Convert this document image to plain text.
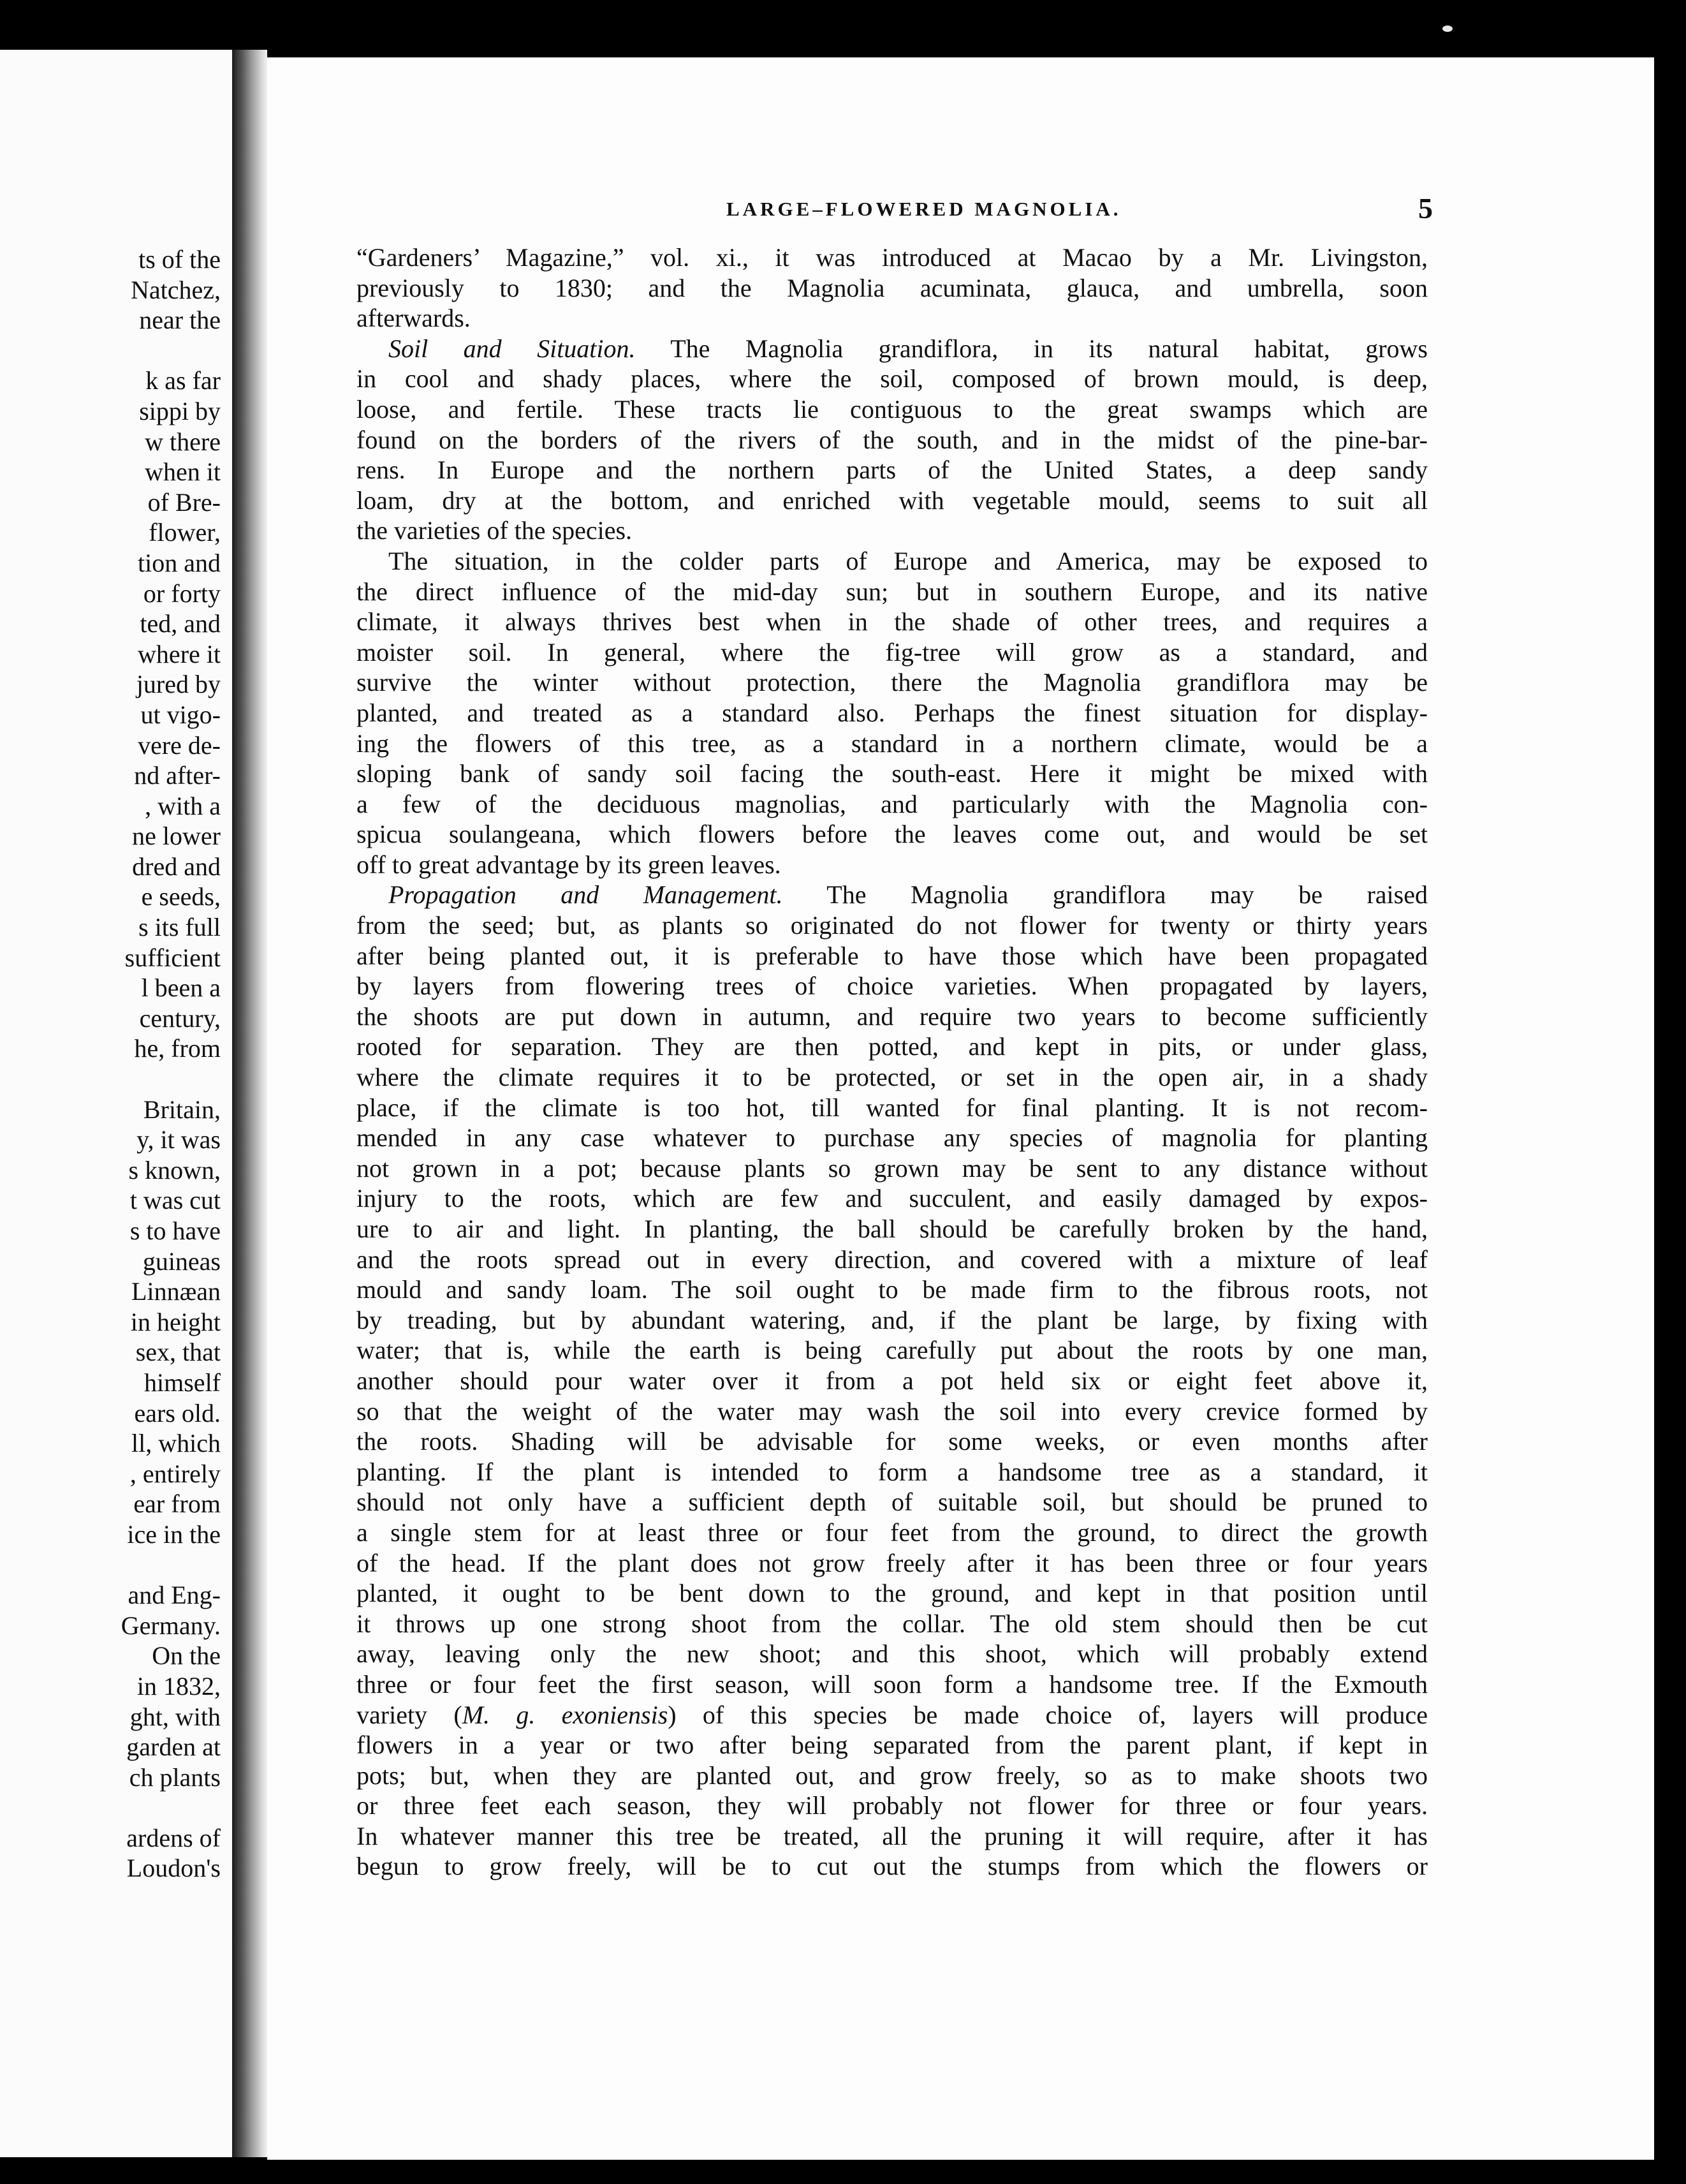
ts of the
Natchez,
near the

k as far
sippi by
w there
when it
of Bre-
flower,
tion and
or forty
ted, and
where it
jured by
ut vigo-
vere de-
nd after-
, with a
ne lower
dred and
e seeds,
s its full
sufficient
l been a
century,
he, from

Britain,
y, it was
s known,
t was cut
s to have
guineas
Linnæan
in height
sex, that
himself
ears old.
ll, which
, entirely
ear from
ice in the

and Eng-
Germany.
On the
in 1832,
ght, with
garden at
ch plants

ardens of
Loudon's
LARGE–FLOWERED MAGNOLIA.	5
“Gardeners’ Magazine,” vol. xi., it was introduced at Macao by a Mr. Livingston,
previously to 1830; and the Magnolia acuminata, glauca, and umbrella, soon
afterwards.
Soil and Situation. The Magnolia grandiflora, in its natural habitat, grows
in cool and shady places, where the soil, composed of brown mould, is deep,
loose, and fertile. These tracts lie contiguous to the great swamps which are
found on the borders of the rivers of the south, and in the midst of the pine-bar-
rens. In Europe and the northern parts of the United States, a deep sandy
loam, dry at the bottom, and enriched with vegetable mould, seems to suit all
the varieties of the species.
The situation, in the colder parts of Europe and America, may be exposed to
the direct influence of the mid-day sun; but in southern Europe, and its native
climate, it always thrives best when in the shade of other trees, and requires a
moister soil. In general, where the fig-tree will grow as a standard, and
survive the winter without protection, there the Magnolia grandiflora may be
planted, and treated as a standard also. Perhaps the finest situation for display-
ing the flowers of this tree, as a standard in a northern climate, would be a
sloping bank of sandy soil facing the south-east. Here it might be mixed with
a few of the deciduous magnolias, and particularly with the Magnolia con-
spicua soulangeana, which flowers before the leaves come out, and would be set
off to great advantage by its green leaves.
Propagation and Management. The Magnolia grandiflora may be raised
from the seed; but, as plants so originated do not flower for twenty or thirty years
after being planted out, it is preferable to have those which have been propagated
by layers from flowering trees of choice varieties. When propagated by layers,
the shoots are put down in autumn, and require two years to become sufficiently
rooted for separation. They are then potted, and kept in pits, or under glass,
where the climate requires it to be protected, or set in the open air, in a shady
place, if the climate is too hot, till wanted for final planting. It is not recom-
mended in any case whatever to purchase any species of magnolia for planting
not grown in a pot; because plants so grown may be sent to any distance without
injury to the roots, which are few and succulent, and easily damaged by expos-
ure to air and light. In planting, the ball should be carefully broken by the hand,
and the roots spread out in every direction, and covered with a mixture of leaf
mould and sandy loam. The soil ought to be made firm to the fibrous roots, not
by treading, but by abundant watering, and, if the plant be large, by fixing with
water; that is, while the earth is being carefully put about the roots by one man,
another should pour water over it from a pot held six or eight feet above it,
so that the weight of the water may wash the soil into every crevice formed by
the roots. Shading will be advisable for some weeks, or even months after
planting. If the plant is intended to form a handsome tree as a standard, it
should not only have a sufficient depth of suitable soil, but should be pruned to
a single stem for at least three or four feet from the ground, to direct the growth
of the head. If the plant does not grow freely after it has been three or four years
planted, it ought to be bent down to the ground, and kept in that position until
it throws up one strong shoot from the collar. The old stem should then be cut
away, leaving only the new shoot; and this shoot, which will probably extend
three or four feet the first season, will soon form a handsome tree. If the Exmouth
variety (M. g. exoniensis) of this species be made choice of, layers will produce
flowers in a year or two after being separated from the parent plant, if kept in
pots; but, when they are planted out, and grow freely, so as to make shoots two
or three feet each season, they will probably not flower for three or four years.
In whatever manner this tree be treated, all the pruning it will require, after it has
begun to grow freely, will be to cut out the stumps from which the flowers or
